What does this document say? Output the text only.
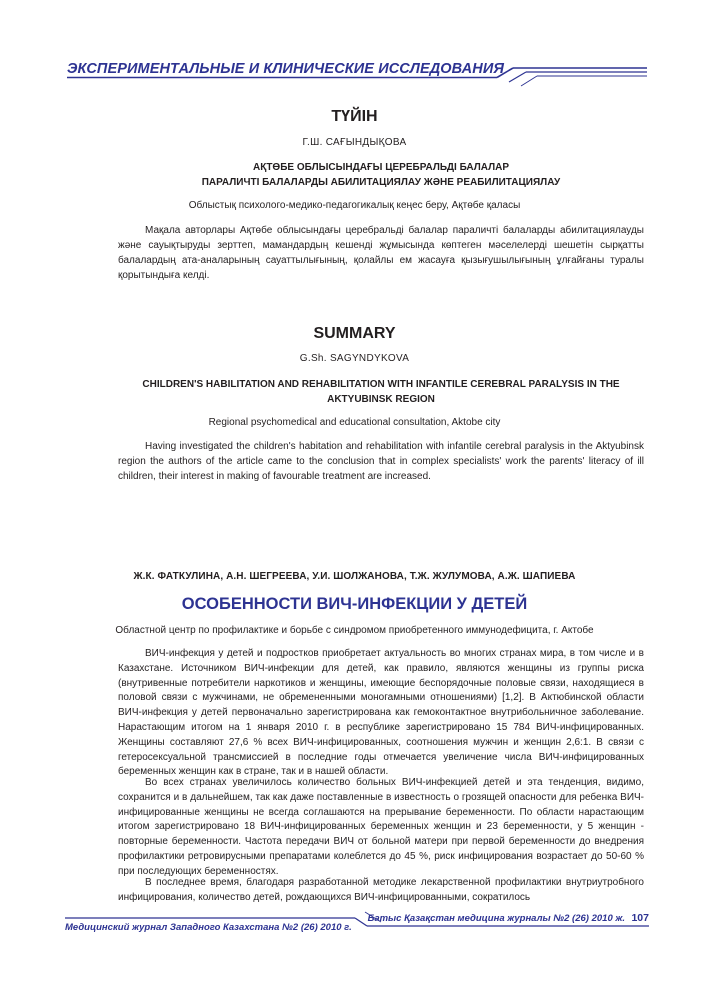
ЭКСПЕРИМЕНТАЛЬНЫЕ И КЛИНИЧЕСКИЕ ИССЛЕДОВАНИЯ
ТҮЙІН
Г.Ш. САҒЫНДЫҚОВА
АҚТӨБЕ ОБЛЫСЫНДАҒЫ ЦЕРЕБРАЛЬДІ БАЛАЛАР
ПАРАЛИЧТІ БАЛАЛАРДЫ АБИЛИТАЦИЯЛАУ ЖӘНЕ РЕАБИЛИТАЦИЯЛАУ
Облыстық психолого-медико-педагогикалық кеңес беру, Ақтөбе қаласы

Мақала авторлары Ақтөбе облысындағы церебральді балалар параличті балаларды абилитациялауды және сауықтыруды зерттеп, мамандардың кешенді жұмысында көптеген мәселелерді шешетін сырқатты балалардың ата-аналарының сауаттылығының, қолайлы ем жасауға қызығушылығының ұлғайғаны туралы қорытындыға келді.

SUMMARY
G.Sh. SAGYNDYKOVA
CHILDREN'S HABILITATION AND REHABILITATION WITH INFANTILE CEREBRAL PARALYSIS IN THE
AKTYUBINSK REGION
Regional psychomedical and educational consultation, Aktobe city

Having investigated the children's habitation and rehabilitation with infantile cerebral paralysis in the Aktyubinsk region the authors of the article came to the conclusion that in complex specialists' work the parents' literacy of ill children, their interest in making of favourable treatment are increased.

Ж.К. ФАТКУЛИНА, А.Н. ШЕГРЕЕВА, У.И. ШОЛЖАНОВА, Т.Ж. ЖУЛУМОВА, А.Ж. ШАПИЕВА
ОСОБЕННОСТИ ВИЧ-ИНФЕКЦИИ У ДЕТЕЙ
Областной центр по профилактике и борьбе с синдромом приобретенного иммунодефицита, г. Актобе

ВИЧ-инфекция у детей и подростков приобретает актуальность во многих странах мира, в том числе и в Казахстане. Источником ВИЧ-инфекции для детей, как правило, являются женщины из группы риска (внутривенные потребители наркотиков и женщины, имеющие беспорядочные половые связи, находящиеся в половой связи с мужчинами, не обремененными моногамными отношениями) [1,2]. В Актюбинской области ВИЧ-инфекция у детей первоначально зарегистрирована как гемоконтактное внутрибольничное заболевание. Нарастающим итогом на 1 января 2010 г. в республике зарегистрировано 15 784 ВИЧ-инфицированных. Женщины составляют 27,6 % всех ВИЧ-инфицированных, соотношения мужчин и женщин 2,6:1. В связи с гетеросексуальной трансмиссией в последние годы отмечается увеличение числа ВИЧ-инфицированных беременных женщин как в стране, так и в нашей области.

Во всех странах увеличилось количество больных ВИЧ-инфекцией детей и эта тенденция, видимо, сохранится и в дальнейшем, так как даже поставленные в известность о грозящей опасности для ребенка ВИЧ-инфицированные женщины не всегда соглашаются на прерывание беременности. По области нарастающим итогом зарегистрировано 18 ВИЧ-инфицированных беременных женщин и 23 беременности, у 5 женщин - повторные беременности. Частота передачи ВИЧ от больной матери при первой беременности до внедрения профилактики ретровирусными препаратами колеблется до 45 %, риск инфицирования возрастает до 50-60 % при последующих беременностях.

В последнее время, благодаря разработанной методике лекарственной профилактики внутриутробного инфицирования, количество детей, рождающихся ВИЧ-инфицированными, сократилось

Медицинский журнал Западного Казахстана №2 (26) 2010 г.
Батыс Қазақстан медицина журналы №2 (26) 2010 ж. 107
